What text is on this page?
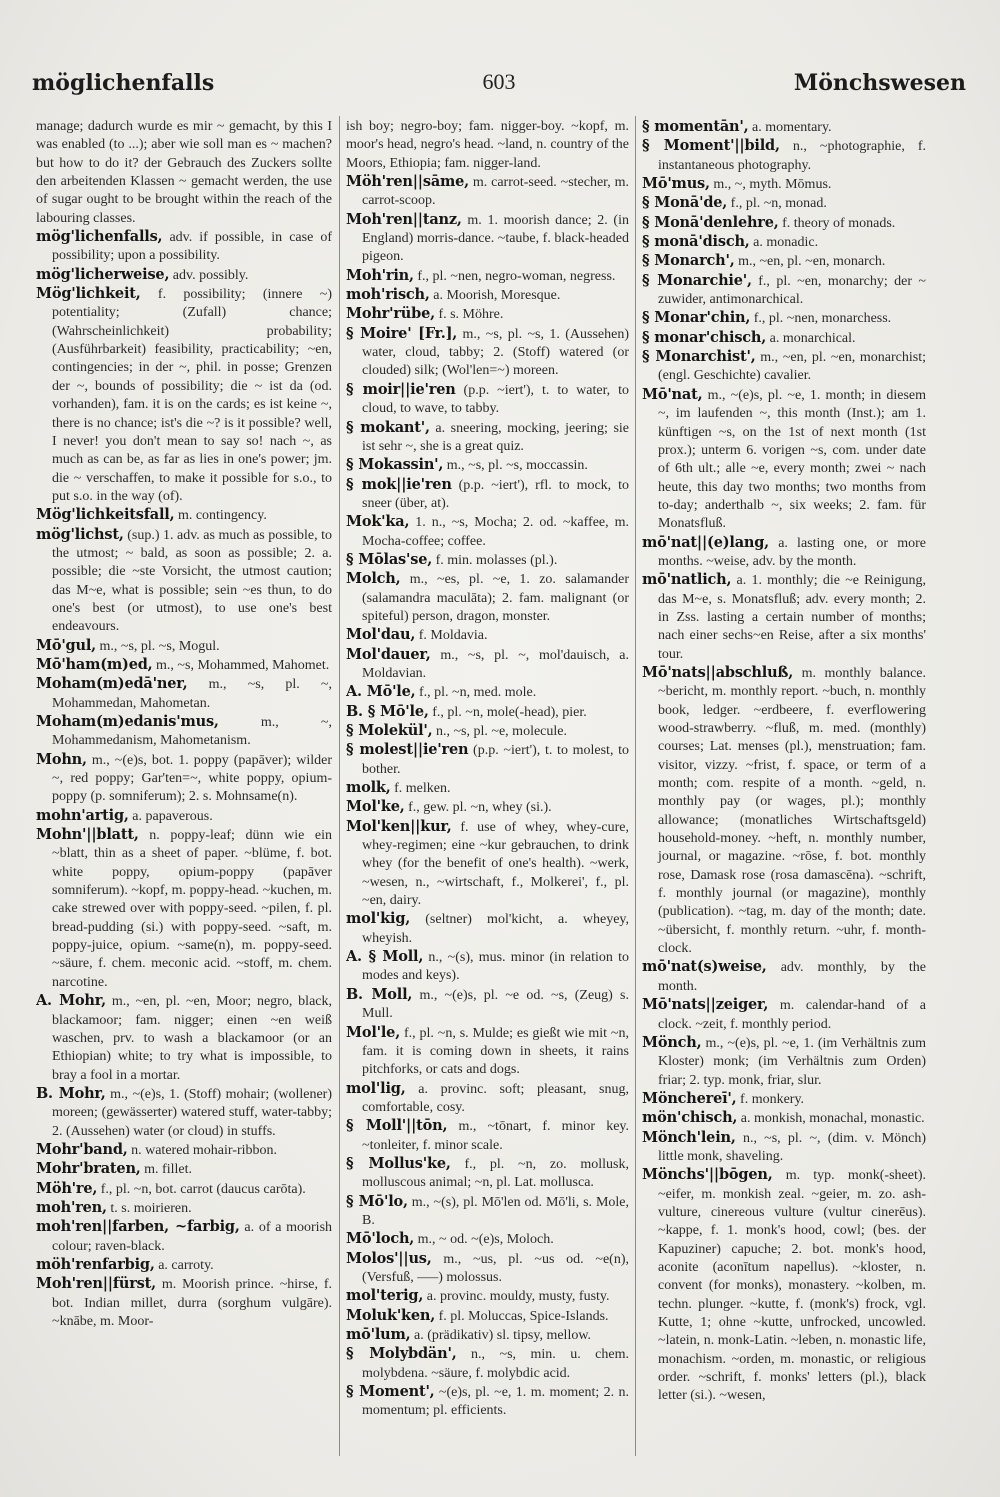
möglichenfalls	603	Mönchswesen

manage; dadurch wurde es mir ~ gemacht, by this I was enabled (to ...); aber wie soll man es ~ machen? but how to do it? der Gebrauch des Zuckers sollte den arbeitenden Klassen ~ gemacht werden, the use of sugar ought to be brought within the reach of the labouring classes.

mög'lichenfalls, adv. if possible, in case of possibility; upon a possibility.

mög'licherweise, adv. possibly.

Mög'lichkeit, f. possibility; (innere ~) potentiality; (Zufall) chance; (Wahrscheinlichkeit) probability; (Ausführbarkeit) feasibility, practicability; ~en, contingencies; in der ~, phil. in posse; Grenzen der ~, bounds of possibility; die ~ ist da (od. vorhanden), fam. it is on the cards; es ist keine ~, there is no chance; ist's die ~? is it possible? well, I never! you don't mean to say so! nach ~, as much as can be, as far as lies in one's power; jm. die ~ verschaffen, to make it possible for s.o., to put s.o. in the way (of).

Mög'lichkeitsfall, m. contingency.

mög'lichst, (sup.) 1. adv. as much as possible, to the utmost; ~ bald, as soon as possible; 2. a. possible; die ~ste Vorsicht, the utmost caution; das M~e, what is possible; sein ~es thun, to do one's best (or utmost), to use one's best endeavours.

Mō'gul, m., ~s, pl. ~s, Mogul.

Mō'ham(m)ed, m., ~s, Mohammed, Mahomet.

Moham(m)edā'ner, m., ~s, pl. ~, Mohammedan, Mahometan.

Moham(m)edanis'mus,	m., ~, Mohammedanism, Mahometanism.

Mohn, m., ~(e)s, bot. 1. poppy (papāver); wilder ~, red poppy; Gar'ten=~, white poppy, opium-poppy (p. somniferum); 2. s. Mohnsame(n).

mohn'artig, a. papaverous.

Mohn'||blatt, n. poppy-leaf; dünn wie ein ~blatt, thin as a sheet of paper. ~blüme, f. bot. white poppy, opium-poppy (papāver somniferum). ~kopf, m. poppy-head. ~kuchen, m. cake strewed over with poppy-seed. ~pilen, f. pl. bread-pudding (si.) with poppy-seed. ~saft, m. poppy-juice, opium. ~same(n), m. poppy-seed. ~säure, f. chem. meconic acid. ~stoff, m. chem. narcotine.

A. Mohr, m., ~en, pl. ~en, Moor; negro, black, blackamoor; fam. nigger; einen ~en weiß waschen, prv. to wash a blackamoor (or an Ethiopian) white; to try what is impossible, to bray a fool in a mortar.

B. Mohr, m., ~(e)s, 1. (Stoff) mohair; (wollener) moreen; (gewässerter) watered stuff, water-tabby; 2. (Aussehen) water (or cloud) in stuffs.

Mohr'band, n. watered mohair-ribbon.

Mohr'braten, m. fillet.

Möh're, f., pl. ~n, bot. carrot (daucus carōta).

moh'ren, t. s. moirieren.

moh'ren||farben, ~farbig, a. of a moorish colour; raven-black.

möh'renfarbig, a. carroty.

Moh'ren||fürst, m. Moorish prince. ~hirse, f. bot. Indian millet, durra (sorghum vulgāre). ~knābe, m. Moor-

ish boy; negro-boy; fam. nigger-boy. ~kopf, m. moor's head, negro's head. ~land, n. country of the Moors, Ethiopia; fam. nigger-land.

Möh'ren||sāme, m. carrot-seed. ~stecher, m. carrot-scoop.

Moh'ren||tanz, m. 1. moorish dance; 2. (in England) morris-dance. ~taube, f. black-headed pigeon.

Moh'rin, f., pl. ~nen, negro-woman, negress.

moh'risch, a. Moorish, Moresque.

Mohr'rübe, f. s. Möhre.

§ Moire' [Fr.], m., ~s, pl. ~s, 1. (Aussehen) water, cloud, tabby; 2. (Stoff) watered (or clouded) silk; (Wol'len=~) moreen.

§ moir||ie'ren (p.p. ~iert'), t. to water, to cloud, to wave, to tabby.

§ mokant', a. sneering, mocking, jeering; sie ist sehr ~, she is a great quiz.

§ Mokassin', m., ~s, pl. ~s, moccassin.

§ mok||ie'ren (p.p. ~iert'), rfl. to mock, to sneer (über, at).

Mok'ka, 1. n., ~s, Mocha; 2. od. ~kaffee, m. Mocha-coffee; coffee.

§ Mōlas'se, f. min. molasses (pl.).

Molch, m., ~es, pl. ~e, 1. zo. salamander (salamandra maculāta); 2. fam. malignant (or spiteful) person, dragon, monster.

Mol'dau, f. Moldavia.

Mol'dauer, m., ~s, pl. ~, mol'dauisch, a. Moldavian.

A. Mō'le, f., pl. ~n, med. mole.

B. § Mō'le, f., pl. ~n, mole(-head), pier.

§ Molekül', n., ~s, pl. ~e, molecule.

§ molest||ie'ren (p.p. ~iert'), t. to molest, to bother.

molk, f. melken.

Mol'ke, f., gew. pl. ~n, whey (si.).

Mol'ken||kur, f. use of whey, whey-cure, whey-regimen; eine ~kur gebrauchen, to drink whey (for the benefit of one's health). ~werk, ~wesen, n., ~wirtschaft, f., Molkerei', f., pl. ~en, dairy.

mol'kig, (seltner) mol'kicht, a. wheyey, wheyish.

A. § Moll, n., ~(s), mus. minor (in relation to modes and keys).

B. Moll, m., ~(e)s, pl. ~e od. ~s, (Zeug) s. Mull.

Mol'le, f., pl. ~n, s. Mulde; es gießt wie mit ~n, fam. it is coming down in sheets, it rains pitchforks, or cats and dogs.

mol'lig, a. provinc. soft; pleasant, snug, comfortable, cosy.

§ Moll'||tōn, m., ~tōnart, f. minor key. ~tonleiter, f. minor scale.

§ Mollus'ke, f., pl. ~n, zo. mollusk, molluscous animal; ~n, pl. Lat. mollusca.

§ Mō'lo, m., ~(s), pl. Mō'len od. Mō'li, s. Mole, B.

Mō'loch, m., ~ od. ~(e)s, Moloch.

Molos'||us, m., ~us, pl. ~us od. ~e(n), (Versfuß, ‒‒‒) molossus.

mol'terig, a. provinc. mouldy, musty, fusty.

Moluk'ken, f. pl. Moluccas, Spice-Islands.

mō'lum, a. (prädikativ) sl. tipsy, mellow.

§ Molybdän', n., ~s, min. u. chem. molybdena. ~säure, f. molybdic acid.

§ Moment', ~(e)s, pl. ~e, 1. m. moment; 2. n. momentum; pl. efficients.

§ momentān', a. momentary.

§ Moment'||bild, n., ~photographie, f. instantaneous photography.

Mō'mus, m., ~, myth. Mōmus.

§ Monā'de, f., pl. ~n, monad.

§ Monā'denlehre, f. theory of monads.

§ monā'disch, a. monadic.

§ Monarch', m., ~en, pl. ~en, monarch.

§ Monarchie', f., pl. ~en, monarchy; der ~ zuwider, antimonarchical.

§ Monar'chin, f., pl. ~nen, monarchess.

§ monar'chisch, a. monarchical.

§ Monarchist', m., ~en, pl. ~en, monarchist; (engl. Geschichte) cavalier.

Mō'nat, m., ~(e)s, pl. ~e, 1. month; in diesem ~, im laufenden ~, this month (Inst.); am 1. künftigen ~s, on the 1st of next month (1st prox.); unterm 6. vorigen ~s, com. under date of 6th ult.; alle ~e, every month; zwei ~ nach heute, this day two months; two months from to-day; anderthalb ~, six weeks; 2. fam. für Monatsfluß.

mō'nat||(e)lang, a. lasting one, or more months. ~weise, adv. by the month.

mō'natlich, a. 1. monthly; die ~e Reinigung, das M~e, s. Monatsfluß; adv. every month; 2. in Zss. lasting a certain number of months; nach einer sechs~en Reise, after a six months' tour.

Mō'nats||abschluß, m. monthly balance. ~bericht, m. monthly report. ~buch, n. monthly book, ledger. ~erdbeere, f. everflowering wood-strawberry. ~fluß, m. med. (monthly) courses; Lat. menses (pl.), menstruation; fam. visitor, vizzy. ~frist, f. space, or term of a month; com. respite of a month. ~geld, n. monthly pay (or wages, pl.); monthly allowance; (monatliches Wirtschaftsgeld) household-money. ~heft, n. monthly number, journal, or magazine. ~rōse, f. bot. monthly rose, Damask rose (rosa damascēna). ~schrift, f. monthly journal (or magazine), monthly (publication). ~tag, m. day of the month; date. ~übersicht, f. monthly return. ~uhr, f. month-clock.

mō'nat(s)weise, adv. monthly, by the month.

Mō'nats||zeiger, m. calendar-hand of a clock. ~zeit, f. monthly period.

Mönch, m., ~(e)s, pl. ~e, 1. (im Verhältnis zum Kloster) monk; (im Verhältnis zum Orden) friar; 2. typ. monk, friar, slur.

Mönchereī', f. monkery.

mön'chisch, a. monkish, monachal, monastic.

Mönch'lein, n., ~s, pl. ~, (dim. v. Mönch) little monk, shaveling.

Mönchs'||bōgen, m. typ. monk(-sheet). ~eifer, m. monkish zeal. ~geier, m. zo. ash-vulture, cinereous vulture (vultur cinerēus). ~kappe, f. 1. monk's hood, cowl; (bes. der Kapuziner) capuche; 2. bot. monk's hood, aconite (aconītum napellus). ~kloster, n. convent (for monks), monastery. ~kolben, m. techn. plunger. ~kutte, f. (monk's) frock, vgl. Kutte, 1; ohne ~kutte, unfrocked, uncowled. ~latein, n. monk-Latin. ~leben, n. monastic life, monachism. ~orden, m. monastic, or religious order. ~schrift, f. monks' letters (pl.), black letter (si.). ~wesen,
